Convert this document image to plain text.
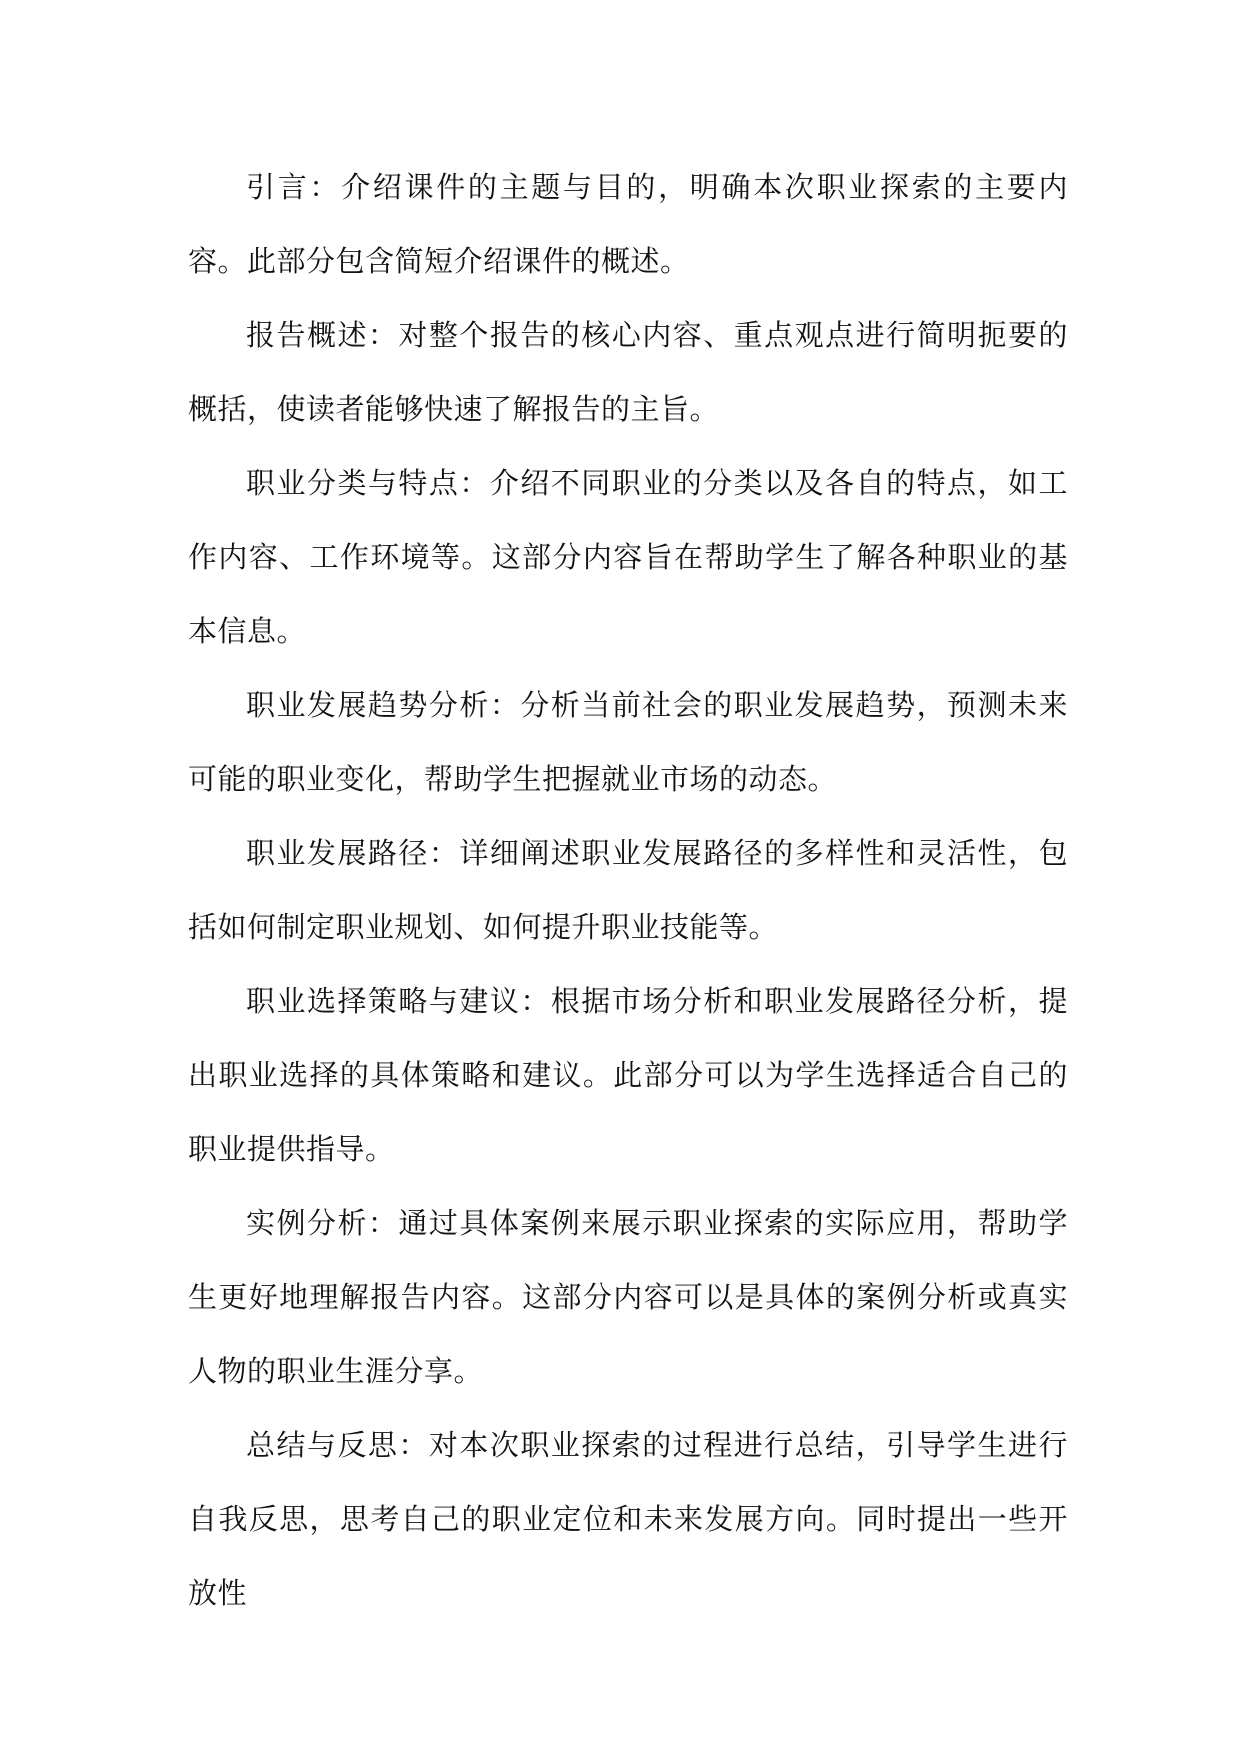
引言：介绍课件的主题与目的，明确本次职业探索的主要内容。此部分包含简短介绍课件的概述。

报告概述：对整个报告的核心内容、重点观点进行简明扼要的概括，使读者能够快速了解报告的主旨。

职业分类与特点：介绍不同职业的分类以及各自的特点，如工作内容、工作环境等。这部分内容旨在帮助学生了解各种职业的基本信息。

职业发展趋势分析：分析当前社会的职业发展趋势，预测未来可能的职业变化，帮助学生把握就业市场的动态。

职业发展路径：详细阐述职业发展路径的多样性和灵活性，包括如何制定职业规划、如何提升职业技能等。

职业选择策略与建议：根据市场分析和职业发展路径分析，提出职业选择的具体策略和建议。此部分可以为学生选择适合自己的职业提供指导。

实例分析：通过具体案例来展示职业探索的实际应用，帮助学生更好地理解报告内容。这部分内容可以是具体的案例分析或真实人物的职业生涯分享。

总结与反思：对本次职业探索的过程进行总结，引导学生进行自我反思，思考自己的职业定位和未来发展方向。同时提出一些开放性
